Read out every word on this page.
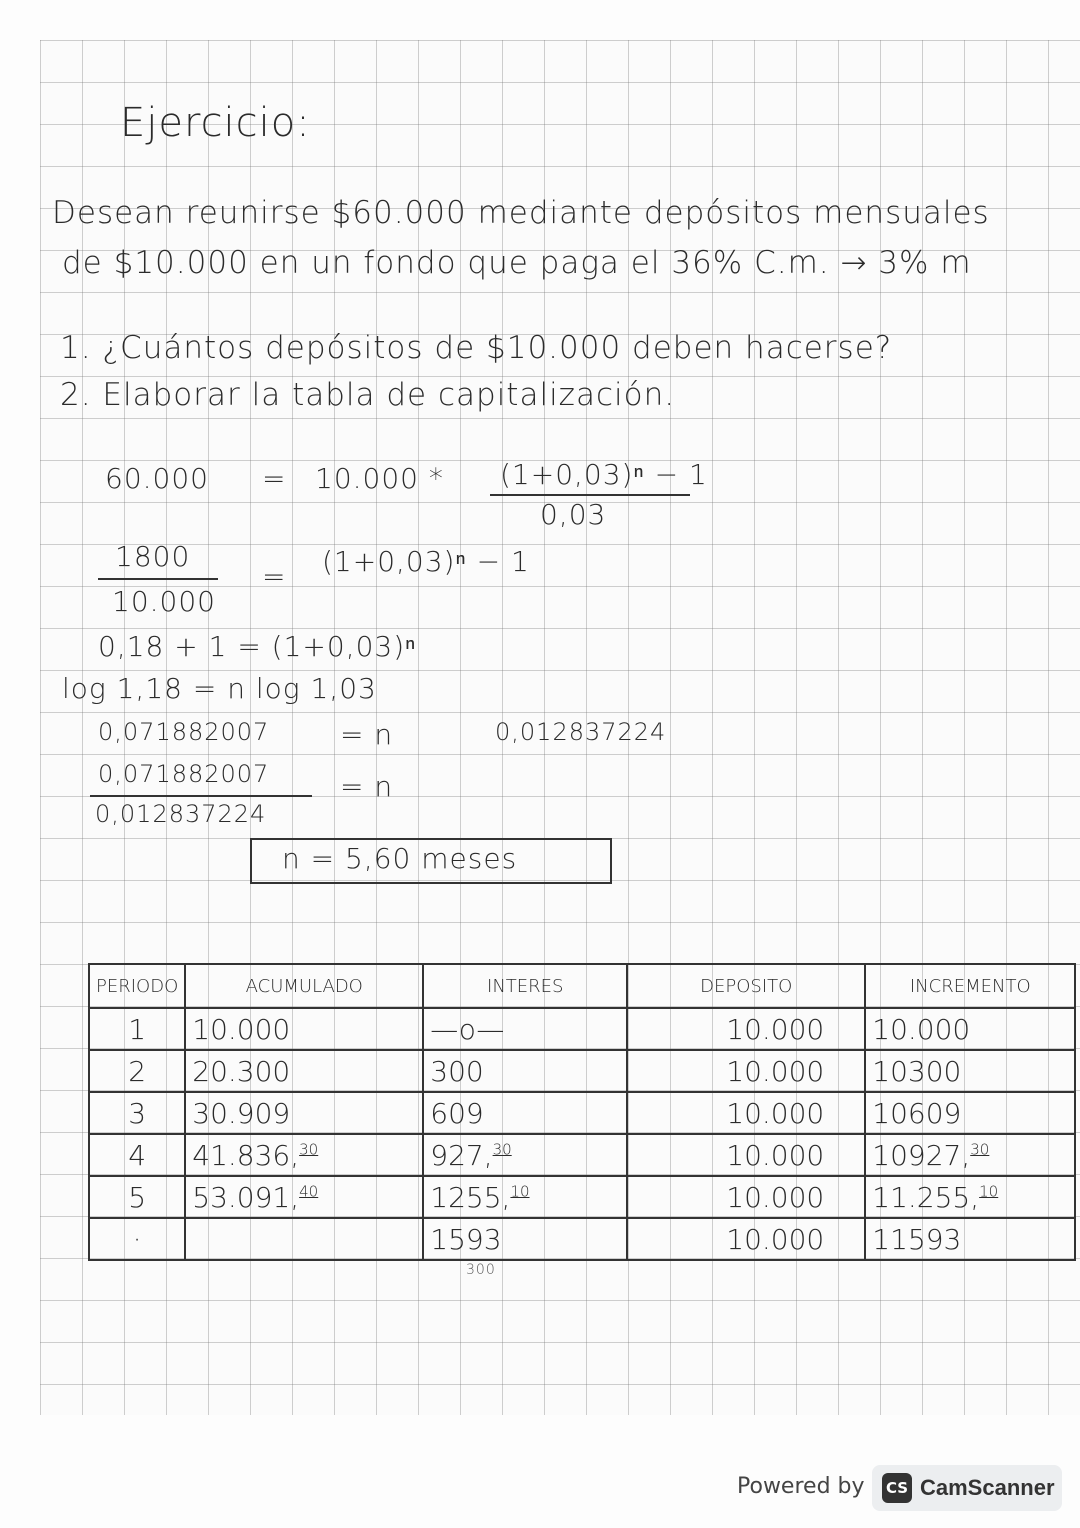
Ejercicio:
Desean reunirse $60.000 mediante depósitos mensuales
de $10.000 en un fondo que paga el 36% C.m. → 3% m
1. ¿Cuántos depósitos de $10.000 deben hacerse?
2. Elaborar la tabla de capitalización.
60.000 = 10.000 * (1+0,03)ⁿ − 1
0,03
1800
10.000
= (1+0,03)ⁿ − 1
0,18 + 1 = (1+0,03)ⁿ
log 1,18 = n log 1,03
0,071882007	= n	0,012837224
0,071882007
0,012837224
= n
n = 5,60 meses
PERIODO	ACUMULADO	INTERES	DEPOSITO	INCREMENTO
1	10.000	—o—	10.000	10.000
2	20.300	300	10.000	10300
3	30.909	609	10.000	10609
4	41.836,30	927,30	10.000	10927,30
5	53.091,40	1255,10	10.000	11.255,10
·		1593	10.000	11593
300
Powered by CS CamScanner
